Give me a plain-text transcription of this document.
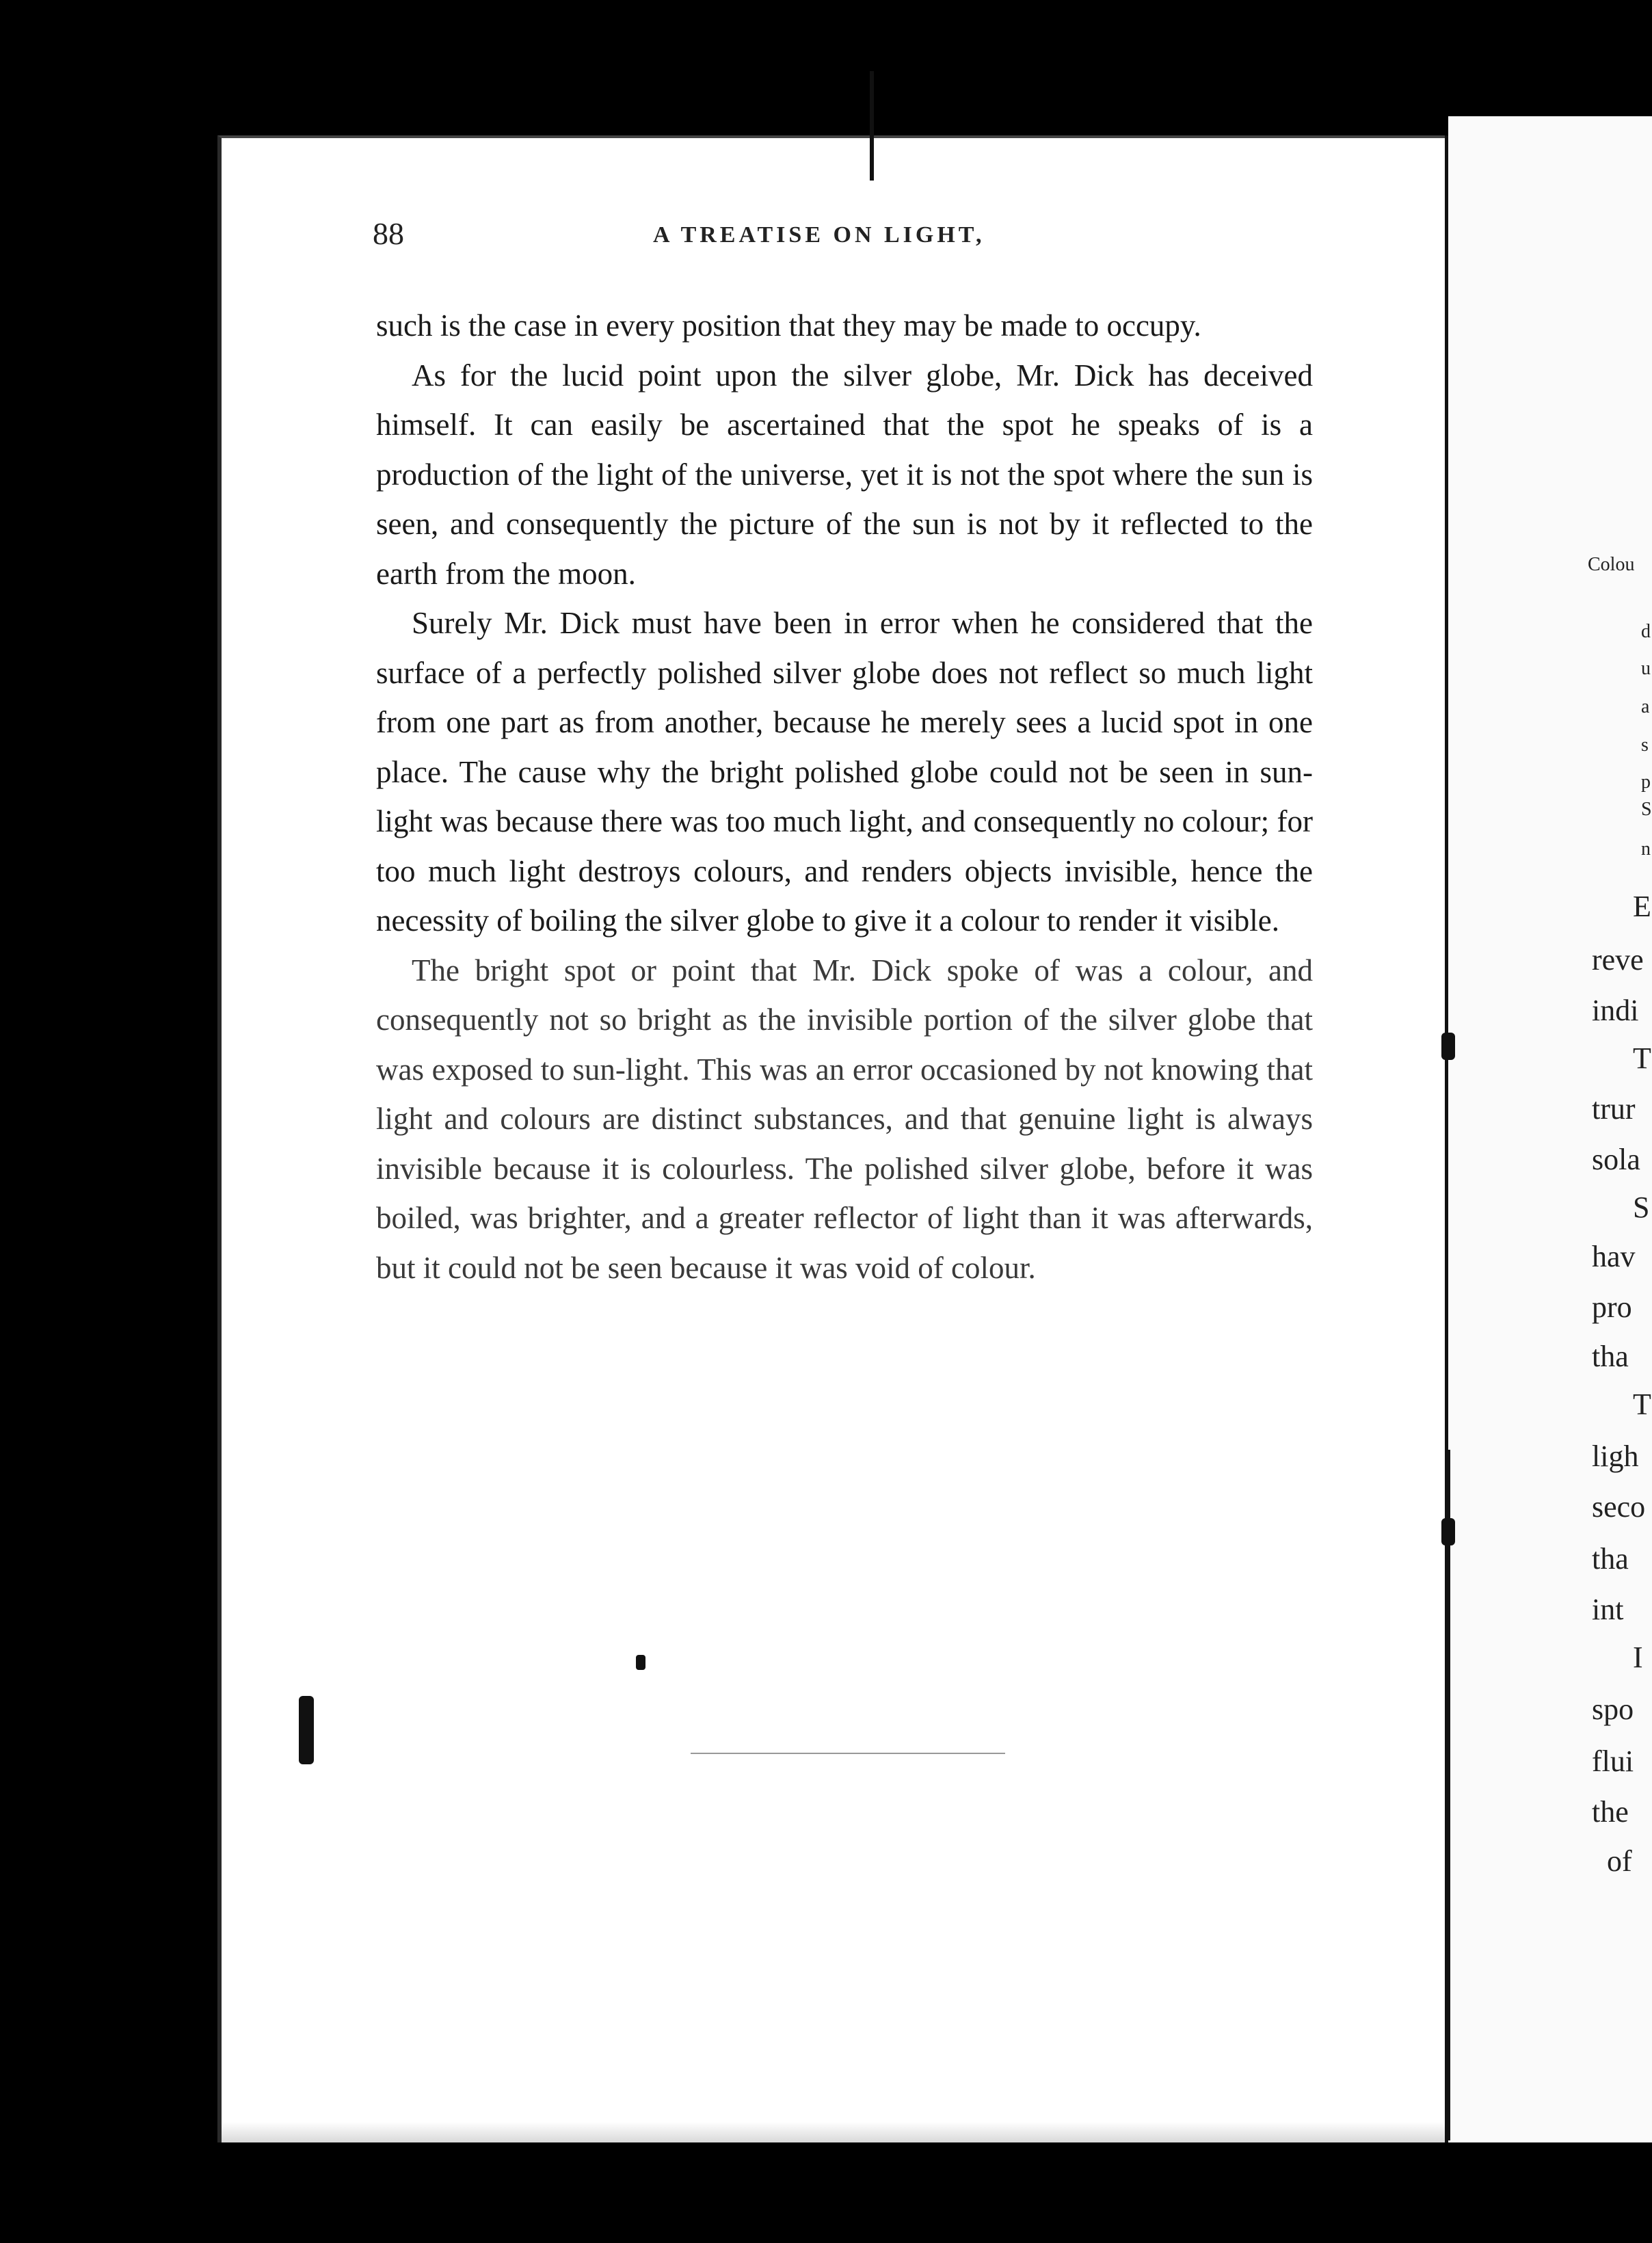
88	A TREATISE ON LIGHT,

such is the case in every position that they may be made to occupy.

As for the lucid point upon the silver globe, Mr. Dick has deceived himself. It can easily be ascertained that the spot he speaks of is a production of the light of the universe, yet it is not the spot where the sun is seen, and consequently the picture of the sun is not by it reflected to the earth from the moon.

Surely Mr. Dick must have been in error when he considered that the surface of a perfectly polished silver globe does not reflect so much light from one part as from another, because he merely sees a lucid spot in one place. The cause why the bright polished globe could not be seen in sun-light was because there was too much light, and consequently no colour; for too much light destroys colours, and renders objects invisible, hence the necessity of boiling the silver globe to give it a colour to render it visible.

The bright spot or point that Mr. Dick spoke of was a colour, and consequently not so bright as the invisible portion of the silver globe that was exposed to sun-light. This was an error occasioned by not knowing that light and colours are distinct substances, and that genuine light is always invisible because it is colourless. The polished silver globe, before it was boiled, was brighter, and a greater reflector of light than it was afterwards, but it could not be seen because it was void of colour.

Colou
d
u
a
s
p
S
n
E
reve
indi
T
trur
sola
S
hav
pro
tha
T
ligh
seco
tha
int
I
spo
flui
the
of
